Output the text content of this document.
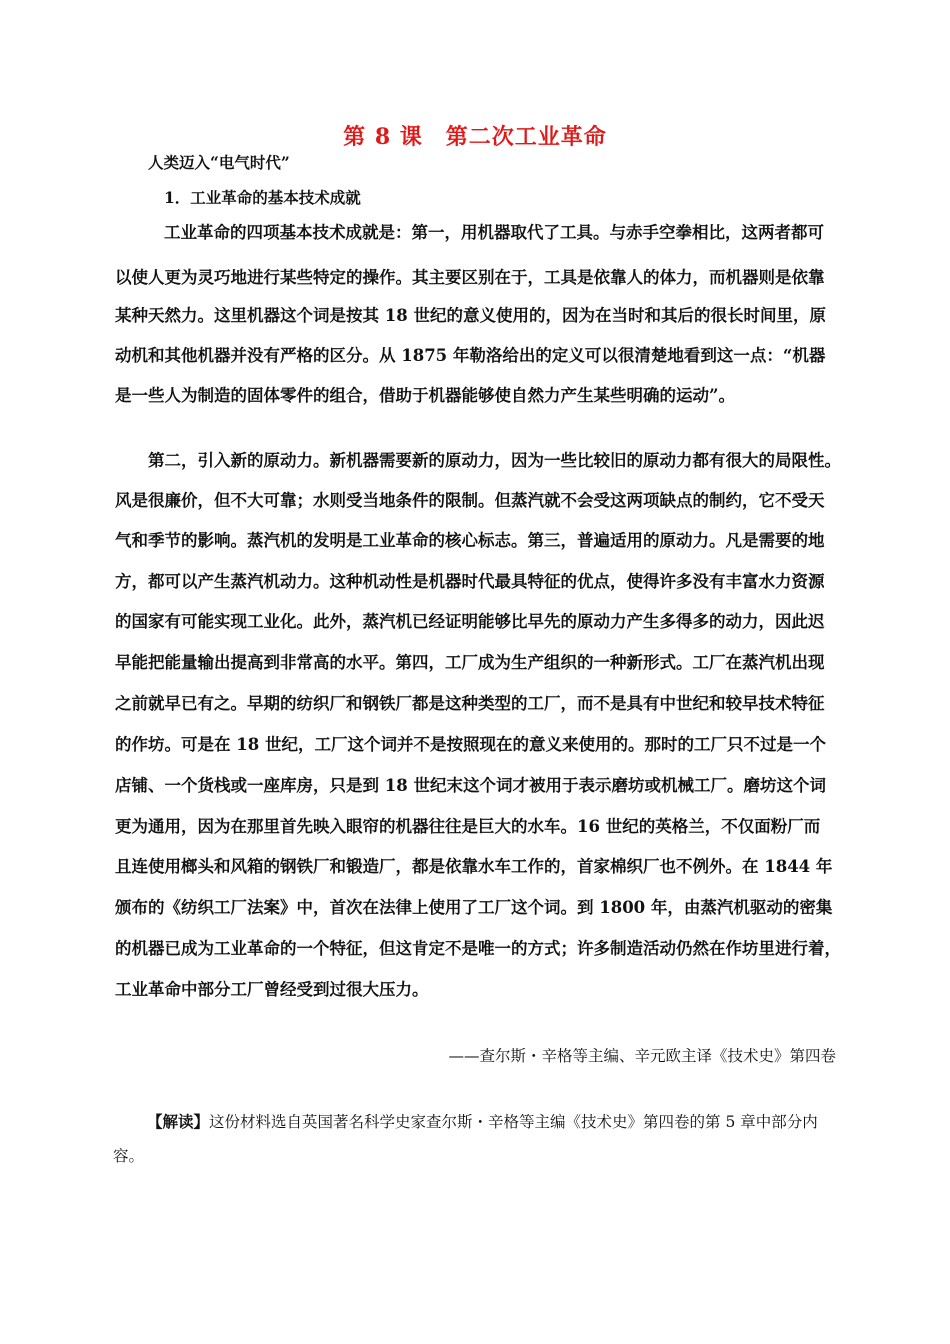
第 8 课　第二次工业革命
人类迈入“电气时代”
1．工业革命的基本技术成就
工业革命的四项基本技术成就是：第一，用机器取代了工具。与赤手空拳相比，这两者都可
以使人更为灵巧地进行某些特定的操作。其主要区别在于，工具是依靠人的体力，而机器则是依靠
某种天然力。这里机器这个词是按其 18 世纪的意义使用的，因为在当时和其后的很长时间里，原
动机和其他机器并没有严格的区分。从 1875 年勒洛给出的定义可以很清楚地看到这一点：“机器
是一些人为制造的固体零件的组合，借助于机器能够使自然力产生某些明确的运动”。
第二，引入新的原动力。新机器需要新的原动力，因为一些比较旧的原动力都有很大的局限性。
风是很廉价，但不大可靠；水则受当地条件的限制。但蒸汽就不会受这两项缺点的制约，它不受天
气和季节的影响。蒸汽机的发明是工业革命的核心标志。第三，普遍适用的原动力。凡是需要的地
方，都可以产生蒸汽机动力。这种机动性是机器时代最具特征的优点，使得许多没有丰富水力资源
的国家有可能实现工业化。此外，蒸汽机已经证明能够比早先的原动力产生多得多的动力，因此迟
早能把能量输出提高到非常高的水平。第四，工厂成为生产组织的一种新形式。工厂在蒸汽机出现
之前就早已有之。早期的纺织厂和钢铁厂都是这种类型的工厂，而不是具有中世纪和较早技术特征
的作坊。可是在 18 世纪，工厂这个词并不是按照现在的意义来使用的。那时的工厂只不过是一个
店铺、一个货栈或一座库房，只是到 18 世纪末这个词才被用于表示磨坊或机械工厂。磨坊这个词
更为通用，因为在那里首先映入眼帘的机器往往是巨大的水车。16 世纪的英格兰，不仅面粉厂而
且连使用榔头和风箱的钢铁厂和锻造厂，都是依靠水车工作的，首家棉织厂也不例外。在 1844 年
颁布的《纺织工厂法案》中，首次在法律上使用了工厂这个词。到 1800 年，由蒸汽机驱动的密集
的机器已成为工业革命的一个特征，但这肯定不是唯一的方式；许多制造活动仍然在作坊里进行着，
工业革命中部分工厂曾经受到过很大压力。
——查尔斯・辛格等主编、辛元欧主译《技术史》第四卷
【解读】这份材料选自英国著名科学史家查尔斯・辛格等主编《技术史》第四卷的第 5 章中部分内容。
